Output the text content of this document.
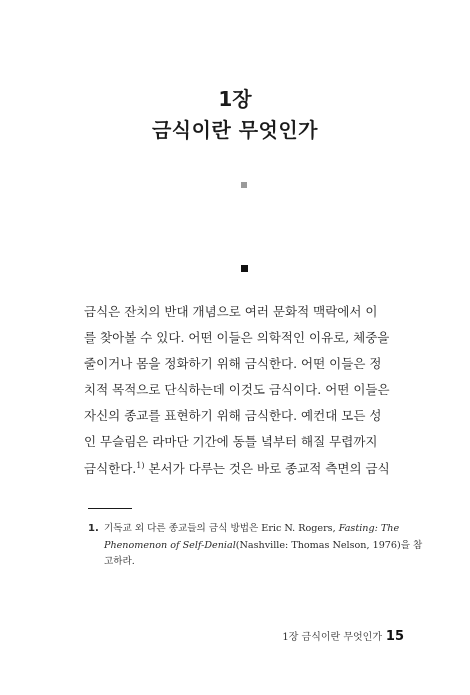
1장
금식이란 무엇인가
금식은 잔치의 반대 개념으로 여러 문화적 맥락에서 이
를 찾아볼 수 있다. 어떤 이들은 의학적인 이유로, 체중을
줄이거나 몸을 정화하기 위해 금식한다. 어떤 이들은 정
치적 목적으로 단식하는데 이것도 금식이다. 어떤 이들은
자신의 종교를 표현하기 위해 금식한다. 예컨대 모든 성
인 무슬림은 라마단 기간에 동틀 녘부터 해질 무렵까지
금식한다.$^{1)}$ 본서가 다루는 것은 바로 종교적 측면의 금식
1. 기독교 외 다른 종교들의 금식 방법은 Eric N. Rogers, Fasting: The
Phenomenon of Self-Denial(Nashville: Thomas Nelson, 1976)을 참
고하라.
1장 금식이란 무엇인가 15
